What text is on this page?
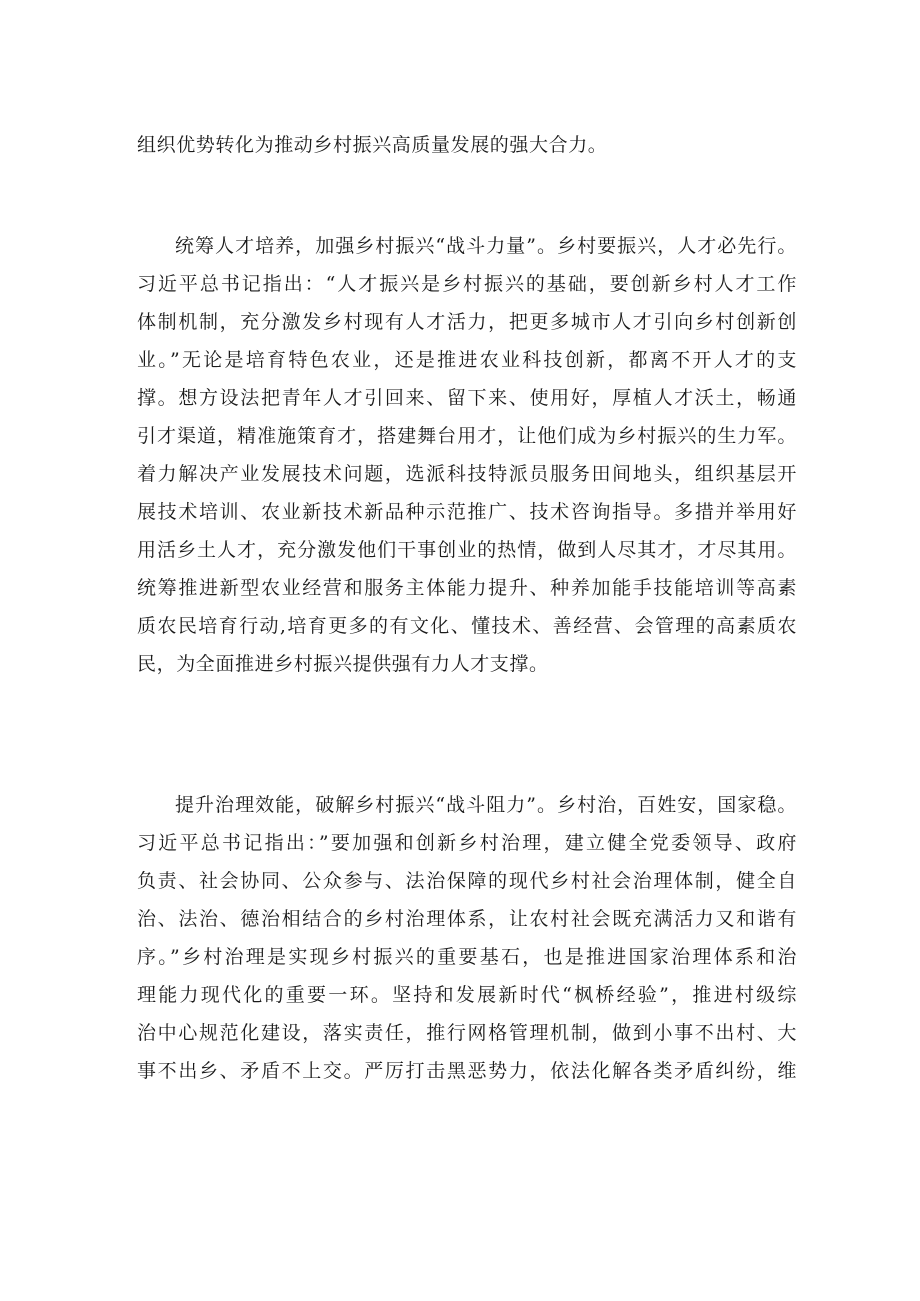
组织优势转化为推动乡村振兴高质量发展的强大合力。
统筹人才培养，加强乡村振兴“战斗力量”。乡村要振兴，人才必先行。
习近平总书记指出：“人才振兴是乡村振兴的基础，要创新乡村人才工作
体制机制，充分激发乡村现有人才活力，把更多城市人才引向乡村创新创
业。”无论是培育特色农业，还是推进农业科技创新，都离不开人才的支
撑。想方设法把青年人才引回来、留下来、使用好，厚植人才沃土，畅通
引才渠道，精准施策育才，搭建舞台用才，让他们成为乡村振兴的生力军。
着力解决产业发展技术问题，选派科技特派员服务田间地头，组织基层开
展技术培训、农业新技术新品种示范推广、技术咨询指导。多措并举用好
用活乡土人才，充分激发他们干事创业的热情，做到人尽其才，才尽其用。
统筹推进新型农业经营和服务主体能力提升、种养加能手技能培训等高素
质农民培育行动,培育更多的有文化、懂技术、善经营、会管理的高素质农
民，为全面推进乡村振兴提供强有力人才支撑。
提升治理效能，破解乡村振兴“战斗阻力”。乡村治，百姓安，国家稳。
习近平总书记指出：”要加强和创新乡村治理，建立健全党委领导、政府
负责、社会协同、公众参与、法治保障的现代乡村社会治理体制，健全自
治、法治、德治相结合的乡村治理体系，让农村社会既充满活力又和谐有
序。”乡村治理是实现乡村振兴的重要基石，也是推进国家治理体系和治
理能力现代化的重要一环。坚持和发展新时代“枫桥经验”，推进村级综
治中心规范化建设，落实责任，推行网格管理机制，做到小事不出村、大
事不出乡、矛盾不上交。严厉打击黑恶势力，依法化解各类矛盾纠纷，维
